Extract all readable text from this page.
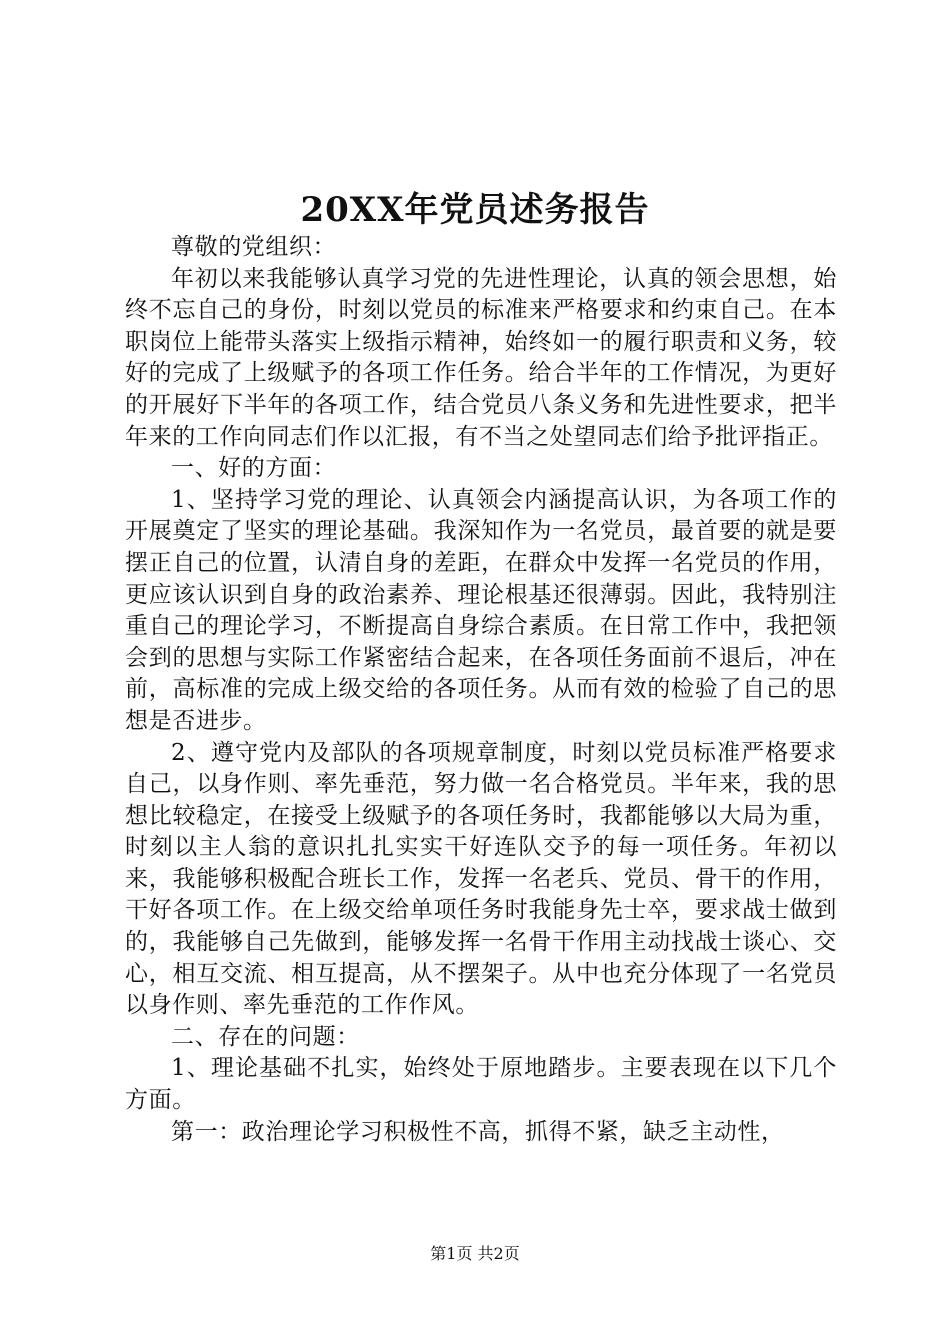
20XX年党员述务报告

尊敬的党组织：

年初以来我能够认真学习党的先进性理论，认真的领会思想，始终不忘自己的身份，时刻以党员的标准来严格要求和约束自己。在本职岗位上能带头落实上级指示精神，始终如一的履行职责和义务，较好的完成了上级赋予的各项工作任务。给合半年的工作情况，为更好的开展好下半年的各项工作，结合党员八条义务和先进性要求，把半年来的工作向同志们作以汇报，有不当之处望同志们给予批评指正。

一、好的方面：

1、坚持学习党的理论、认真领会内涵提高认识，为各项工作的开展奠定了坚实的理论基础。我深知作为一名党员，最首要的就是要摆正自己的位置，认清自身的差距，在群众中发挥一名党员的作用，更应该认识到自身的政治素养、理论根基还很薄弱。因此，我特别注重自己的理论学习，不断提高自身综合素质。在日常工作中，我把领会到的思想与实际工作紧密结合起来，在各项任务面前不退后，冲在前，高标准的完成上级交给的各项任务。从而有效的检验了自己的思想是否进步。

2、遵守党内及部队的各项规章制度，时刻以党员标准严格要求自己，以身作则、率先垂范，努力做一名合格党员。半年来，我的思想比较稳定，在接受上级赋予的各项任务时，我都能够以大局为重，时刻以主人翁的意识扎扎实实干好连队交予的每一项任务。年初以来，我能够积极配合班长工作，发挥一名老兵、党员、骨干的作用，干好各项工作。在上级交给单项任务时我能身先士卒，要求战士做到的，我能够自己先做到，能够发挥一名骨干作用主动找战士谈心、交心，相互交流、相互提高，从不摆架子。从中也充分体现了一名党员以身作则、率先垂范的工作作风。

二、存在的问题：

1、理论基础不扎实，始终处于原地踏步。主要表现在以下几个方面。

第一：政治理论学习积极性不高，抓得不紧，缺乏主动性，

第1页 共2页
